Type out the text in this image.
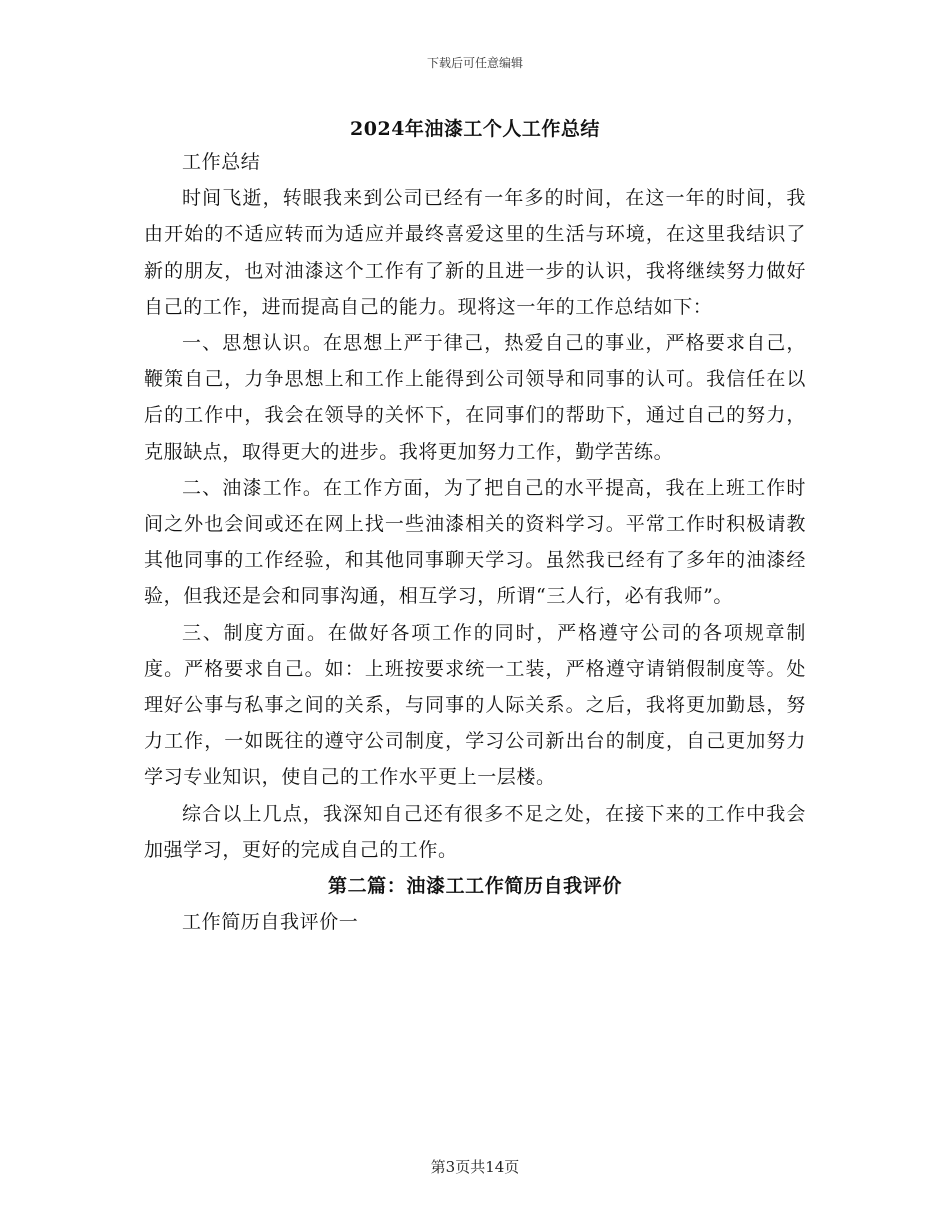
下载后可任意编辑
2024年油漆工个人工作总结

工作总结

时间飞逝，转眼我来到公司已经有一年多的时间，在这一年的时间，我由开始的不适应转而为适应并最终喜爱这里的生活与环境，在这里我结识了新的朋友，也对油漆这个工作有了新的且进一步的认识，我将继续努力做好自己的工作，进而提高自己的能力。现将这一年的工作总结如下：

一、思想认识。在思想上严于律己，热爱自己的事业，严格要求自己，鞭策自己，力争思想上和工作上能得到公司领导和同事的认可。我信任在以后的工作中，我会在领导的关怀下，在同事们的帮助下，通过自己的努力，克服缺点，取得更大的进步。我将更加努力工作，勤学苦练。

二、油漆工作。在工作方面，为了把自己的水平提高，我在上班工作时间之外也会间或还在网上找一些油漆相关的资料学习。平常工作时积极请教其他同事的工作经验，和其他同事聊天学习。虽然我已经有了多年的油漆经验，但我还是会和同事沟通，相互学习，所谓“三人行，必有我师”。

三、制度方面。在做好各项工作的同时，严格遵守公司的各项规章制度。严格要求自己。如：上班按要求统一工装，严格遵守请销假制度等。处理好公事与私事之间的关系，与同事的人际关系。之后，我将更加勤恳，努力工作，一如既往的遵守公司制度，学习公司新出台的制度，自己更加努力学习专业知识，使自己的工作水平更上一层楼。

综合以上几点，我深知自己还有很多不足之处，在接下来的工作中我会加强学习，更好的完成自己的工作。

第二篇：油漆工工作简历自我评价

工作简历自我评价一

第3页共14页
